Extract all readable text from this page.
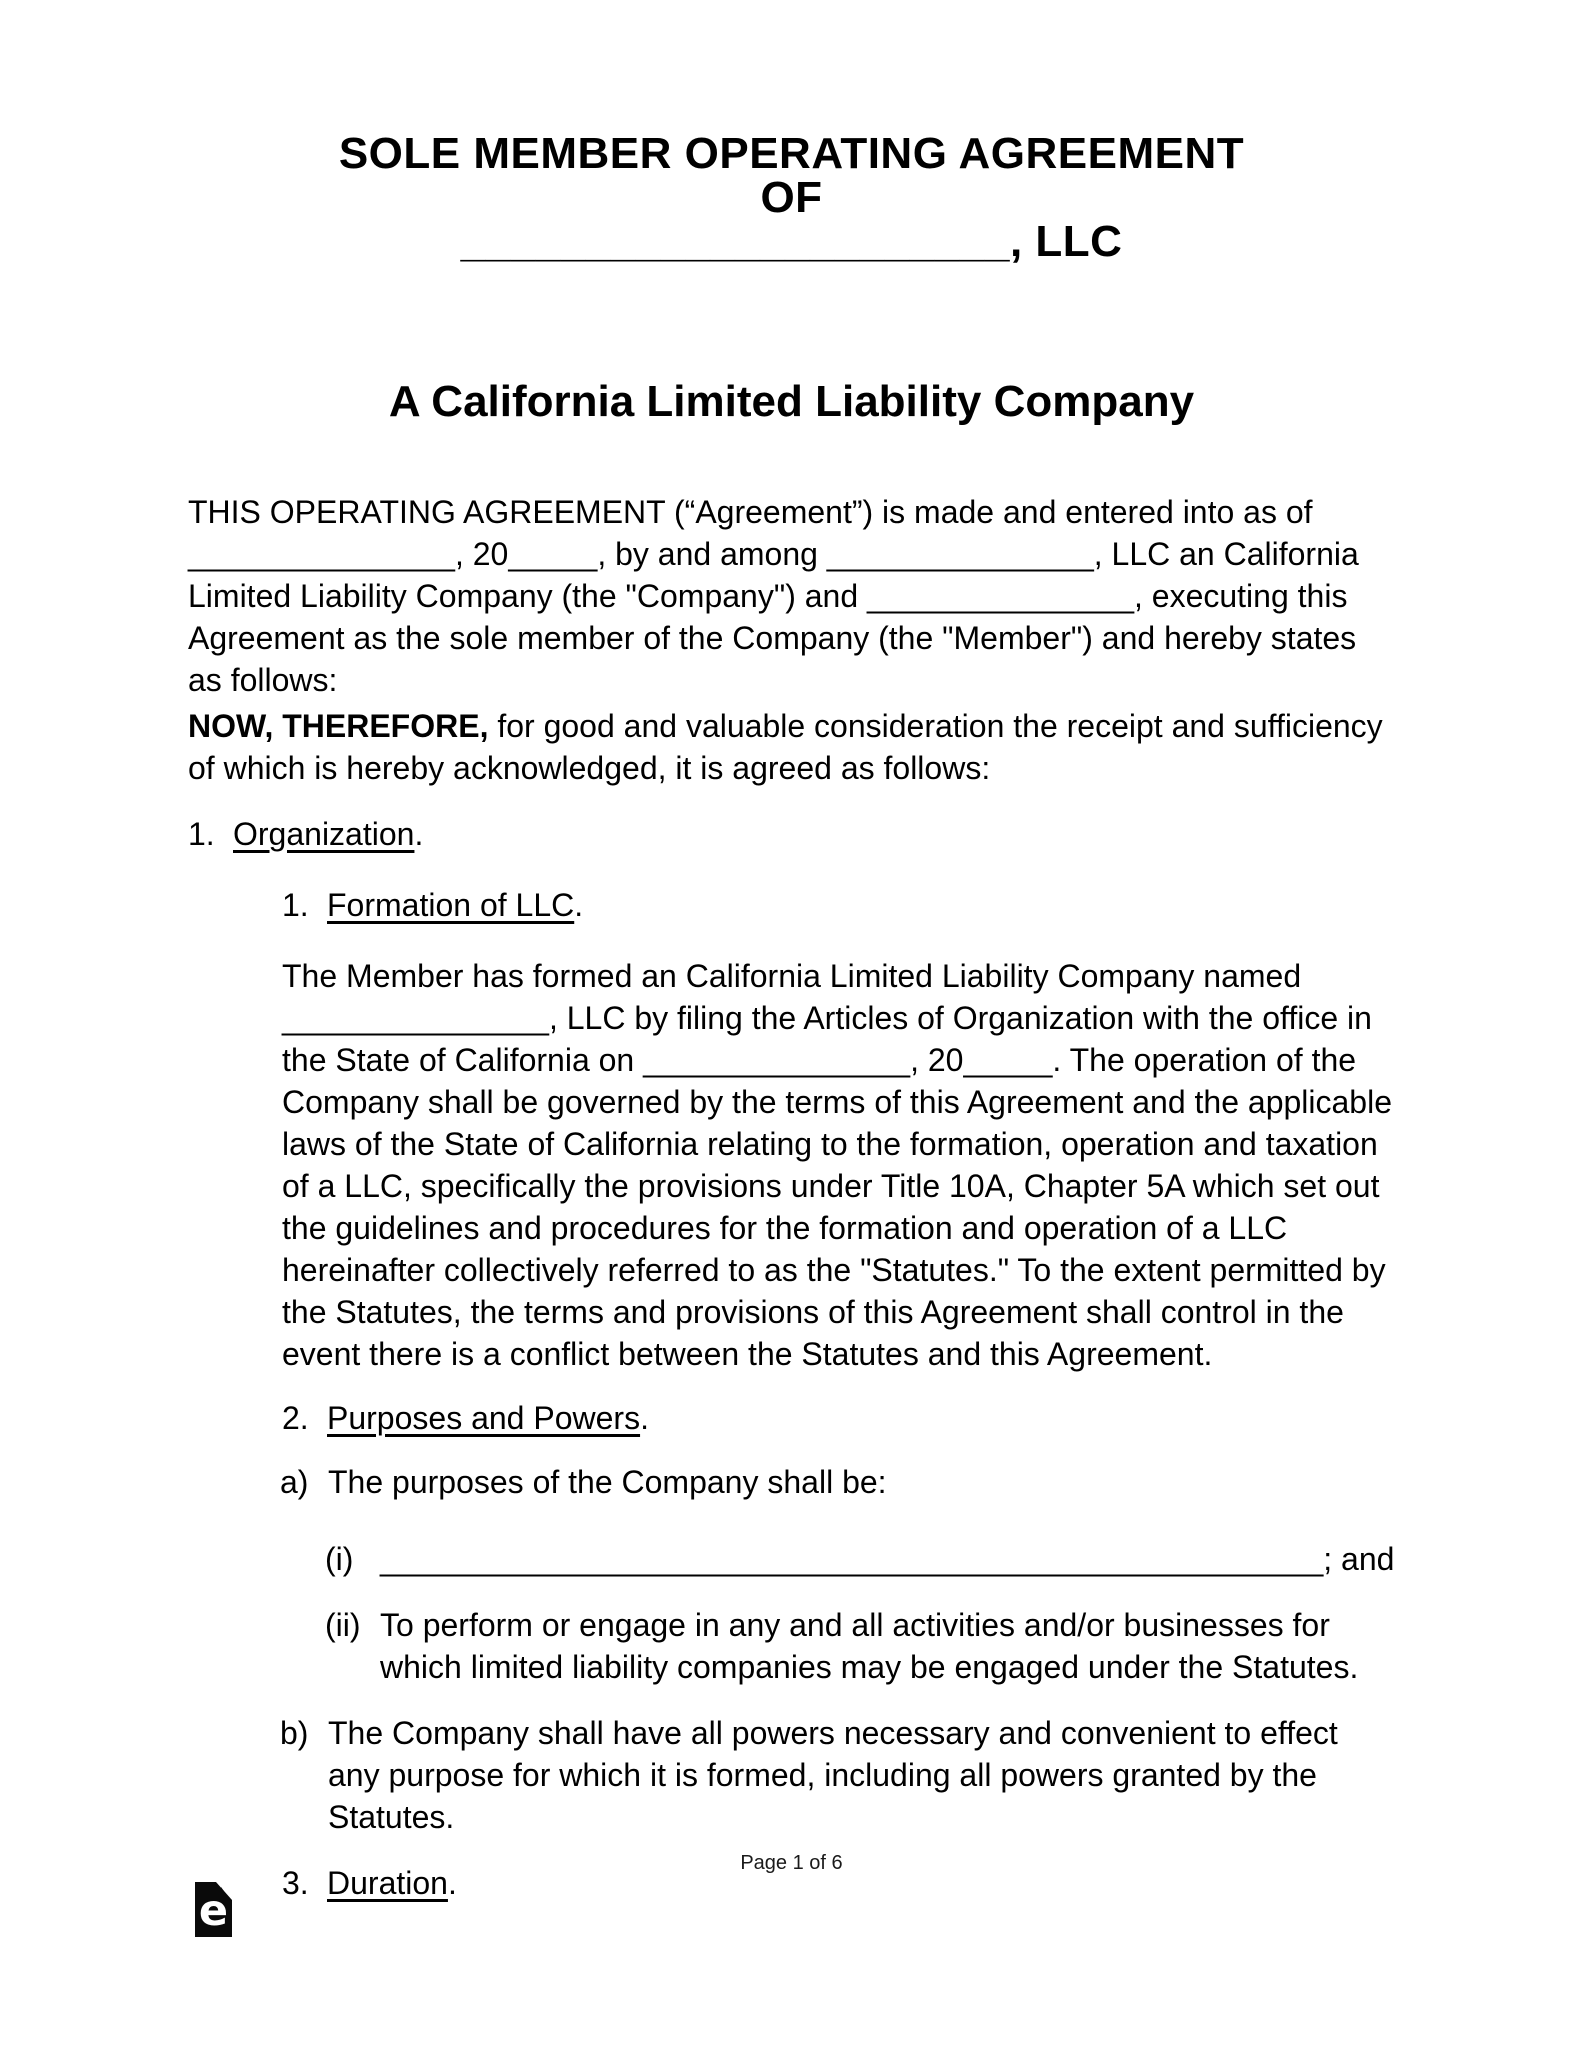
SOLE MEMBER OPERATING AGREEMENT
OF
______________________, LLC
A California Limited Liability Company

THIS OPERATING AGREEMENT (“Agreement”) is made and entered into as of _______________, 20_____, by and among _______________, LLC an California Limited Liability Company (the "Company") and _______________, executing this Agreement as the sole member of the Company (the "Member") and hereby states as follows:

NOW, THEREFORE, for good and valuable consideration the receipt and sufficiency of which is hereby acknowledged, it is agreed as follows:

1. Organization.
1. Formation of LLC.

The Member has formed an California Limited Liability Company named _______________, LLC by filing the Articles of Organization with the office in the State of California on _______________, 20_____. The operation of the Company shall be governed by the terms of this Agreement and the applicable laws of the State of California relating to the formation, operation and taxation of a LLC, specifically the provisions under Title 10A, Chapter 5A which set out the guidelines and procedures for the formation and operation of a LLC hereinafter collectively referred to as the "Statutes." To the extent permitted by the Statutes, the terms and provisions of this Agreement shall control in the event there is a conflict between the Statutes and this Agreement.

2. Purposes and Powers.
a) The purposes of the Company shall be:
(i) _____________________________________________________; and
(ii) To perform or engage in any and all activities and/or businesses for which limited liability companies may be engaged under the Statutes.
b) The Company shall have all powers necessary and convenient to effect any purpose for which it is formed, including all powers granted by the Statutes.
3. Duration.
Page 1 of 6
e
